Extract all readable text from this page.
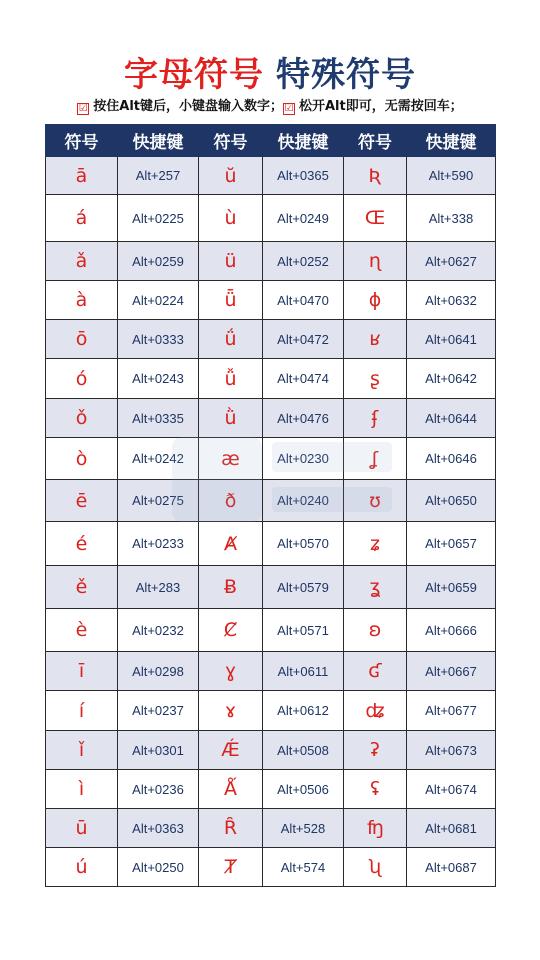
字母符号 特殊符号
☑ 按住Alt键后，小键盘输入数字； ☑ 松开Alt即可，无需按回车；
符号	快捷键	符号	快捷键	符号	快捷键
ā	Alt+257	ŭ	Alt+0365	Ʀ	Alt+590
á	Alt+0225	ù	Alt+0249	Œ	Alt+338
ǎ	Alt+0259	ü	Alt+0252	ɳ	Alt+0627
à	Alt+0224	ǖ	Alt+0470	ɸ	Alt+0632
ō	Alt+0333	ǘ	Alt+0472	ʁ	Alt+0641
ó	Alt+0243	ǚ	Alt+0474	ʂ	Alt+0642
ǒ	Alt+0335	ǜ	Alt+0476	ʄ	Alt+0644
ò	Alt+0242	æ	Alt+0230	ʆ	Alt+0646
ē	Alt+0275	ð	Alt+0240	ʊ	Alt+0650
é	Alt+0233	Ⱥ	Alt+0570	ʑ	Alt+0657
ě	Alt+283	Ƀ	Alt+0579	ʓ	Alt+0659
è	Alt+0232	Ȼ	Alt+0571	ʚ	Alt+0666
ī	Alt+0298	ɣ	Alt+0611	ʛ	Alt+0667
í	Alt+0237	ɤ	Alt+0612	ʥ	Alt+0677
ǐ	Alt+0301	Ǽ	Alt+0508	ʡ	Alt+0673
ì	Alt+0236	Ǻ	Alt+0506	ʢ	Alt+0674
ū	Alt+0363	Ȓ	Alt+528	ʩ	Alt+0681
ú	Alt+0250	Ⱦ	Alt+574	ʯ	Alt+0687
